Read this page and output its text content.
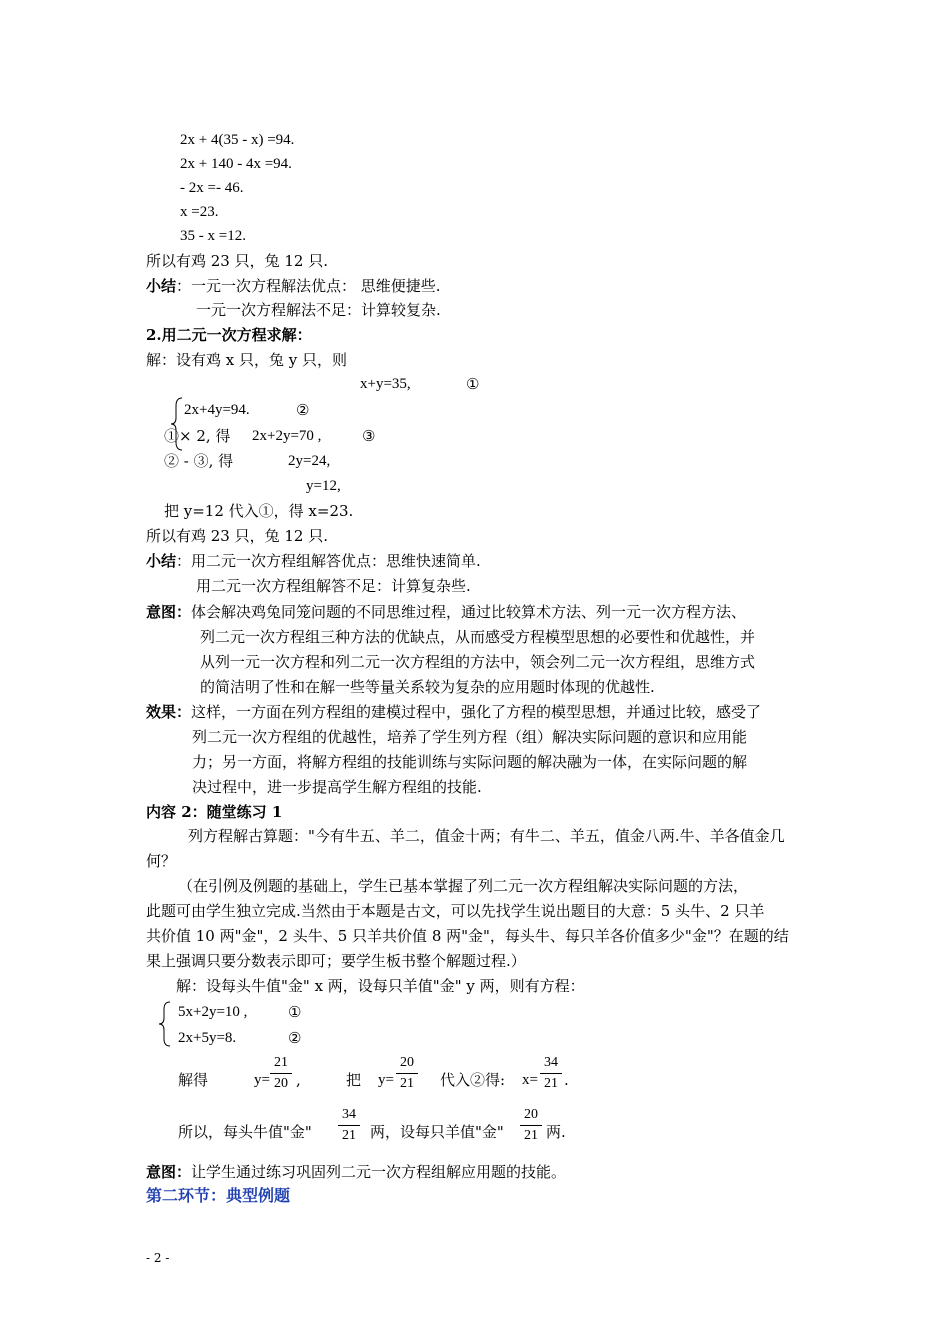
2x + 4(35 - x) =94.
2x + 140 - 4x =94.
- 2x =- 46.
x =23.
35 - x =12.
所以有鸡 23 只，兔 12 只.
小结：一元一次方程解法优点： 思维便捷些.
一元一次方程解法不足：计算较复杂.
2.用二元一次方程求解：
解：设有鸡 x 只，兔 y 只，则
x+y=35,	①
2x+4y=94.	②
①× 2, 得 2x+2y=70 ,	③
② - ③, 得	2y=24,
y=12,
把 y=12 代入①，得 x=23.
所以有鸡 23 只，兔 12 只.
小结：用二元一次方程组解答优点：思维快速简单.
用二元一次方程组解答不足：计算复杂些.
意图：体会解决鸡兔同笼问题的不同思维过程，通过比较算术方法、列一元一次方程方法、
列二元一次方程组三种方法的优缺点，从而感受方程模型思想的必要性和优越性，并
从列一元一次方程和列二元一次方程组的方法中，领会列二元一次方程组，思维方式
的简洁明了性和在解一些等量关系较为复杂的应用题时体现的优越性.
效果：这样，一方面在列方程组的建模过程中，强化了方程的模型思想，并通过比较，感受了
列二元一次方程组的优越性，培养了学生列方程（组）解决实际问题的意识和应用能
力；另一方面，将解方程组的技能训练与实际问题的解决融为一体，在实际问题的解
决过程中，进一步提高学生解方程组的技能.
内容 2：随堂练习 1
列方程解古算题："今有牛五、羊二，值金十两；有牛二、羊五，值金八两.牛、羊各值金几
何？
（在引例及例题的基础上，学生已基本掌握了列二元一次方程组解决实际问题的方法，
此题可由学生独立完成.当然由于本题是古文，可以先找学生说出题目的大意：5 头牛、2 只羊
共价值 10 两"金"，2 头牛、5 只羊共价值 8 两"金"，每头牛、每只羊各价值多少"金"？在题的结
果上强调只要分数表示即可；要学生板书整个解题过程.）
解：设每头牛值"金" x 两，设每只羊值"金" y 两，则有方程：
5x+2y=10 ,	①
2x+5y=8.	②
解得	y=
21
20 ,	把 y=
20
21 代入②得: x=
34
21 .
所以，每头牛值"金"
34
21 两，设每只羊值"金"
20
21 两.
意图：让学生通过练习巩固列二元一次方程组解应用题的技能。
第二环节：典型例题
- 2 -
